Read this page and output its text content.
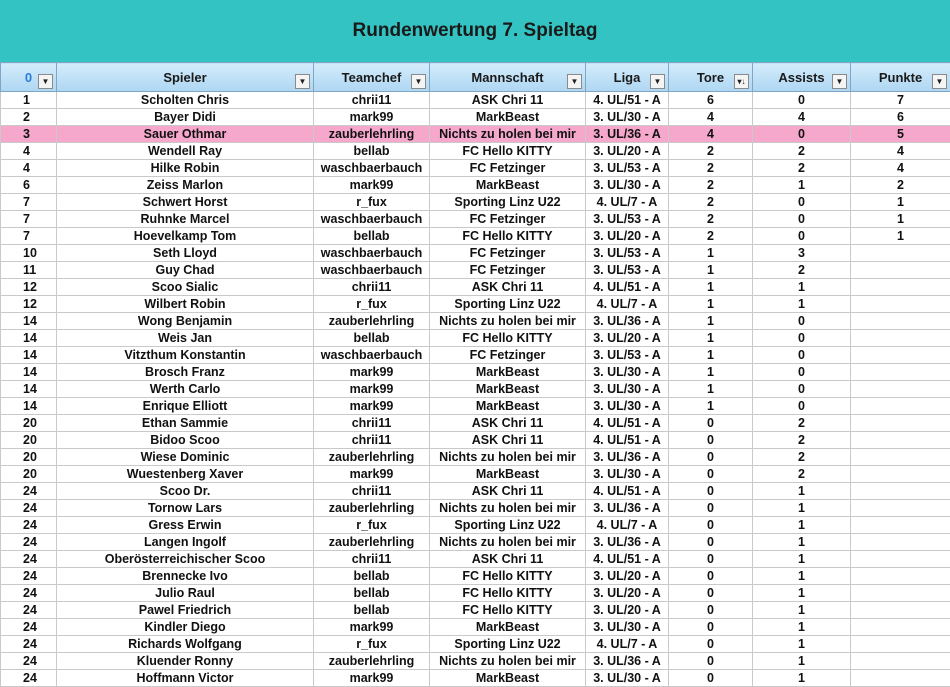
Rundenwertung 7. Spieltag
0 ▼	Spieler ▼	Teamchef ▼	Mannschaft ▼	Liga ▼	Tore ▾↓	Assists ▼	Punkte ▼

1	Scholten Chris	chrii11	ASK Chri 11	4. UL/51 - A	6	0	7
2	Bayer Didi	mark99	MarkBeast	3. UL/30 - A	4	4	6
3	Sauer Othmar	zauberlehrling	Nichts zu holen bei mir	3. UL/36 - A	4	0	5
4	Wendell Ray	bellab	FC Hello KITTY	3. UL/20 - A	2	2	4
4	Hilke Robin	waschbaerbauch	FC Fetzinger	3. UL/53 - A	2	2	4
6	Zeiss Marlon	mark99	MarkBeast	3. UL/30 - A	2	1	2
7	Schwert Horst	r_fux	Sporting Linz U22	4. UL/7 - A	2	0	1
7	Ruhnke Marcel	waschbaerbauch	FC Fetzinger	3. UL/53 - A	2	0	1
7	Hoevelkamp Tom	bellab	FC Hello KITTY	3. UL/20 - A	2	0	1
10	Seth Lloyd	waschbaerbauch	FC Fetzinger	3. UL/53 - A	1	3	
11	Guy Chad	waschbaerbauch	FC Fetzinger	3. UL/53 - A	1	2	
12	Scoo Sialic	chrii11	ASK Chri 11	4. UL/51 - A	1	1	
12	Wilbert Robin	r_fux	Sporting Linz U22	4. UL/7 - A	1	1	
14	Wong Benjamin	zauberlehrling	Nichts zu holen bei mir	3. UL/36 - A	1	0	
14	Weis Jan	bellab	FC Hello KITTY	3. UL/20 - A	1	0	
14	Vitzthum Konstantin	waschbaerbauch	FC Fetzinger	3. UL/53 - A	1	0	
14	Brosch Franz	mark99	MarkBeast	3. UL/30 - A	1	0	
14	Werth Carlo	mark99	MarkBeast	3. UL/30 - A	1	0	
14	Enrique Elliott	mark99	MarkBeast	3. UL/30 - A	1	0	
20	Ethan Sammie	chrii11	ASK Chri 11	4. UL/51 - A	0	2	
20	Bidoo Scoo	chrii11	ASK Chri 11	4. UL/51 - A	0	2	
20	Wiese Dominic	zauberlehrling	Nichts zu holen bei mir	3. UL/36 - A	0	2	
20	Wuestenberg Xaver	mark99	MarkBeast	3. UL/30 - A	0	2	
24	Scoo Dr.	chrii11	ASK Chri 11	4. UL/51 - A	0	1	
24	Tornow Lars	zauberlehrling	Nichts zu holen bei mir	3. UL/36 - A	0	1	
24	Gress Erwin	r_fux	Sporting Linz U22	4. UL/7 - A	0	1	
24	Langen Ingolf	zauberlehrling	Nichts zu holen bei mir	3. UL/36 - A	0	1	
24	Oberösterreichischer Scoo	chrii11	ASK Chri 11	4. UL/51 - A	0	1	
24	Brennecke Ivo	bellab	FC Hello KITTY	3. UL/20 - A	0	1	
24	Julio Raul	bellab	FC Hello KITTY	3. UL/20 - A	0	1	
24	Pawel Friedrich	bellab	FC Hello KITTY	3. UL/20 - A	0	1	
24	Kindler Diego	mark99	MarkBeast	3. UL/30 - A	0	1	
24	Richards Wolfgang	r_fux	Sporting Linz U22	4. UL/7 - A	0	1	
24	Kluender Ronny	zauberlehrling	Nichts zu holen bei mir	3. UL/36 - A	0	1	
24	Hoffmann Victor	mark99	MarkBeast	3. UL/30 - A	0	1	
